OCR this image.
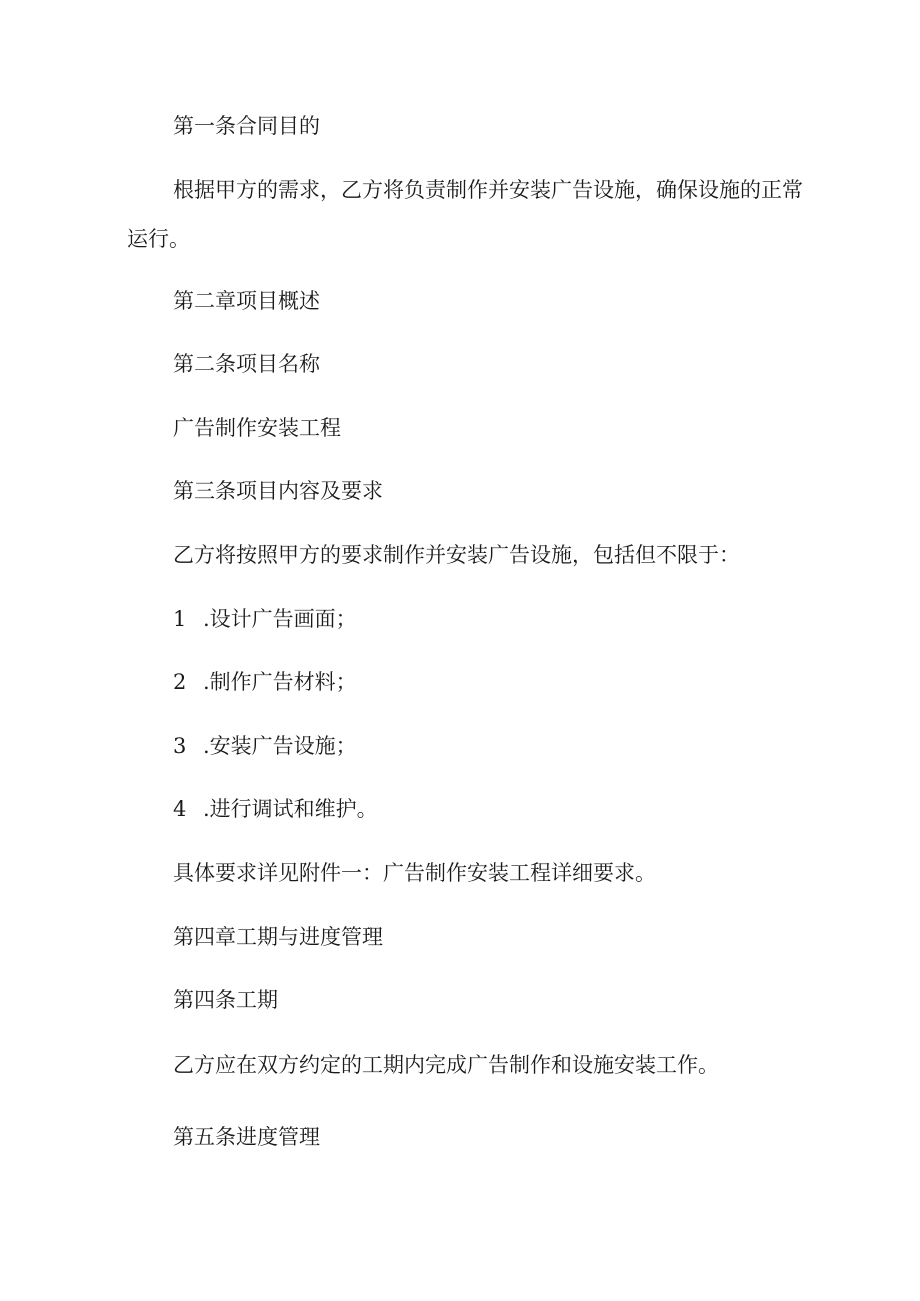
第一条合同目的

根据甲方的需求，乙方将负责制作并安装广告设施，确保设施的正常

运行。

第二章项目概述

第二条项目名称

广告制作安装工程

第三条项目内容及要求

乙方将按照甲方的要求制作并安装广告设施，包括但不限于：

1 .设计广告画面；

2 .制作广告材料；

3 .安装广告设施；

4 .进行调试和维护。

具体要求详见附件一：广告制作安装工程详细要求。

第四章工期与进度管理

第四条工期

乙方应在双方约定的工期内完成广告制作和设施安装工作。

第五条进度管理
